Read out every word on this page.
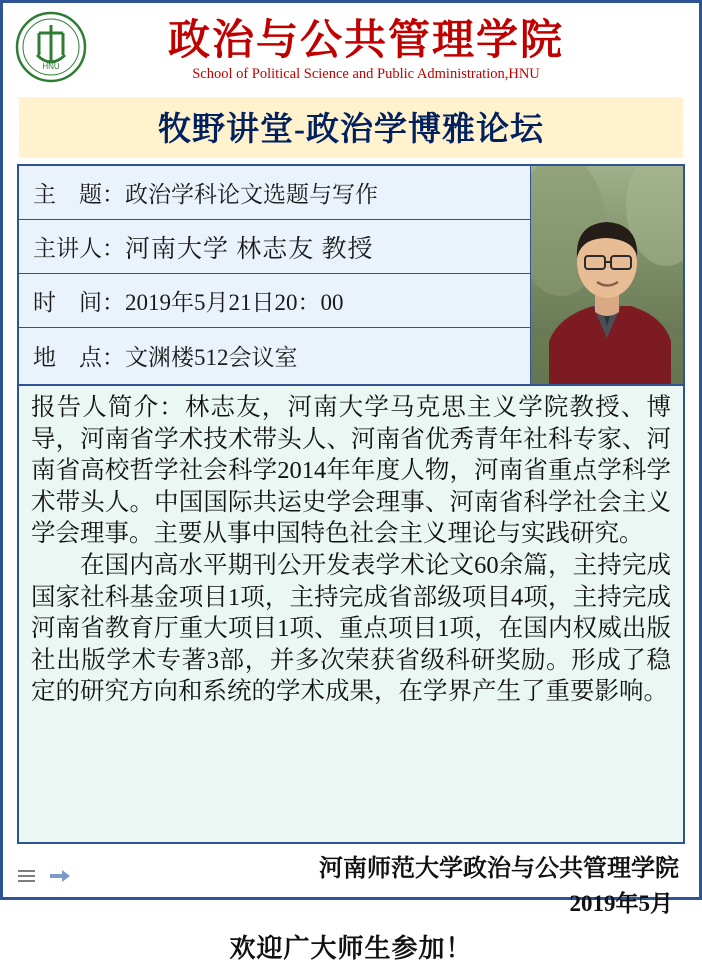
HNU
政治与公共管理学院
School of Political Science and Public Administration,HNU
牧野讲堂-政治学博雅论坛
主　题： 政治学科论文选题与写作
主讲人： 河南大学 林志友 教授
时　间： 2019年5月21日20：00
地　点： 文渊楼512会议室

报告人简介：林志友，河南大学马克思主义学院教授、博导，河南省学术技术带头人、河南省优秀青年社科专家、河南省高校哲学社会科学2014年年度人物，河南省重点学科学术带头人。中国国际共运史学会理事、河南省科学社会主义学会理事。主要从事中国特色社会主义理论与实践研究。

在国内高水平期刊公开发表学术论文60余篇，主持完成国家社科基金项目1项，主持完成省部级项目4项，主持完成河南省教育厅重大项目1项、重点项目1项，在国内权威出版社出版学术专著3部，并多次荣获省级科研奖励。形成了稳定的研究方向和系统的学术成果，在学界产生了重要影响。

河南师范大学政治与公共管理学院
2019年5月
欢迎广大师生参加！
